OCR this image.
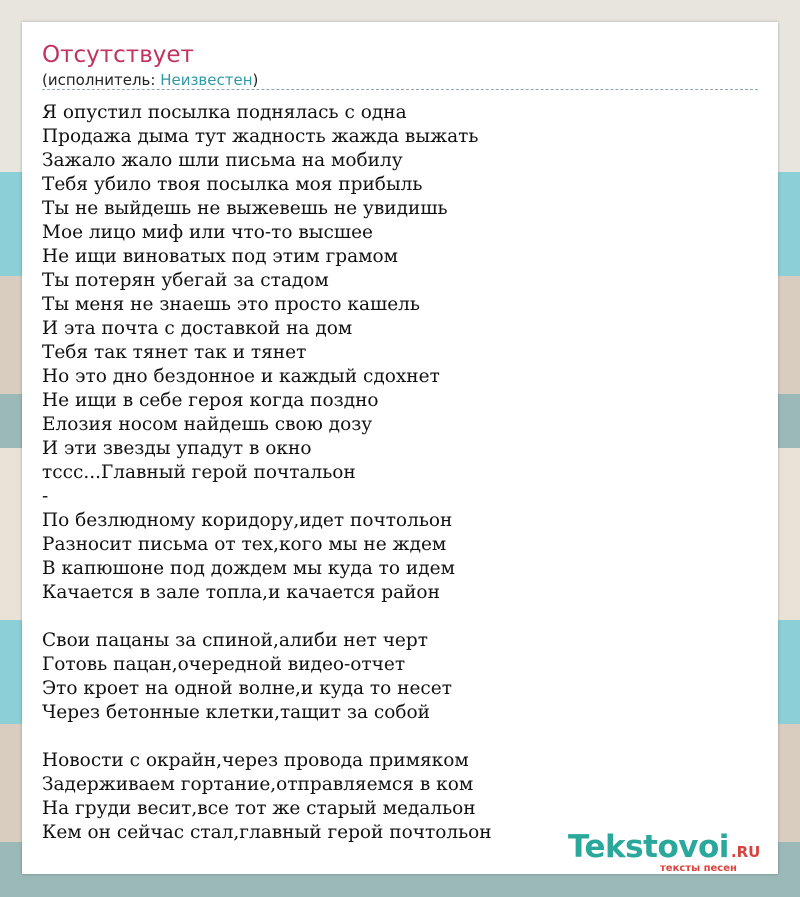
Отсутствует
(исполнитель: Неизвестен)
Я опустил посылка поднялась с одна
Продажа дыма тут жадность жажда выжать
Зажало жало шли письма на мобилу
Тебя убило твоя посылка моя прибыль
Ты не выйдешь не выжевешь не увидишь
Мое лицо миф или что-то высшее
Не ищи виноватых под этим грамом
Ты потерян убегай за стадом
Ты меня не знаешь это просто кашель
И эта почта с доставкой на дом
Тебя так тянет так и тянет
Но это дно бездонное и каждый сдохнет
Не ищи в себе героя когда поздно
Елозия носом найдешь свою дозу
И эти звезды упадут в окно
тссс...Главный герой почтальон
-
По безлюдному коридору,идет почтольон
Разносит письма от тех,кого мы не ждем
В капюшоне под дождем мы куда то идем
Качается в зале топла,и качается район
Свои пацаны за спиной,алиби нет черт
Готовь пацан,очередной видео-отчет
Это кроет на одной волне,и куда то несет
Через бетонные клетки,тащит за собой
Новости с окрайн,через провода примяком
Задерживаем гортание,отправляемся в ком
На груди весит,все тот же старый медальон
Кем он сейчас стал,главный герой почтольон	Tekstovoi .RU
тексты песен
